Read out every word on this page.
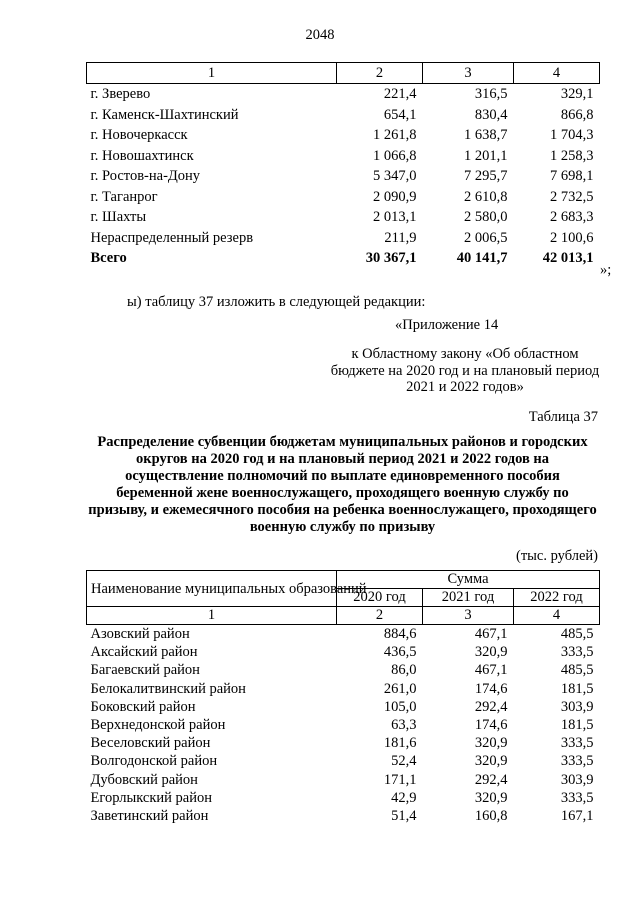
2048
1	2	3	4
г. Зверево	221,4	316,5	329,1
г. Каменск-Шахтинский	654,1	830,4	866,8
г. Новочеркасск	1 261,8	1 638,7	1 704,3
г. Новошахтинск	1 066,8	1 201,1	1 258,3
г. Ростов-на-Дону	5 347,0	7 295,7	7 698,1
г. Таганрог	2 090,9	2 610,8	2 732,5
г. Шахты	2 013,1	2 580,0	2 683,3
Нераспределенный резерв	211,9	2 006,5	2 100,6
Всего	30 367,1	40 141,7	42 013,1
»;
ы) таблицу 37 изложить в следующей редакции:
«Приложение 14
к Областному закону «Об областном бюджете на 2020 год и на плановый период 2021 и 2022 годов»
Таблица 37
Распределение субвенции бюджетам муниципальных районов и городских округов на 2020 год и на плановый период 2021 и 2022 годов на осуществление полномочий по выплате единовременного пособия беременной жене военнослужащего, проходящего военную службу по призыву, и ежемесячного пособия на ребенка военнослужащего, проходящего военную службу по призыву
(тыс. рублей)
Наименование муниципальных образований	Сумма		
	2020 год	2021 год	2022 год
1	2	3	4
Азовский район	884,6	467,1	485,5
Аксайский район	436,5	320,9	333,5
Багаевский район	86,0	467,1	485,5
Белокалитвинский район	261,0	174,6	181,5
Боковский район	105,0	292,4	303,9
Верхнедонской район	63,3	174,6	181,5
Веселовский район	181,6	320,9	333,5
Волгодонской район	52,4	320,9	333,5
Дубовский район	171,1	292,4	303,9
Егорлыкский район	42,9	320,9	333,5
Заветинский район	51,4	160,8	167,1
